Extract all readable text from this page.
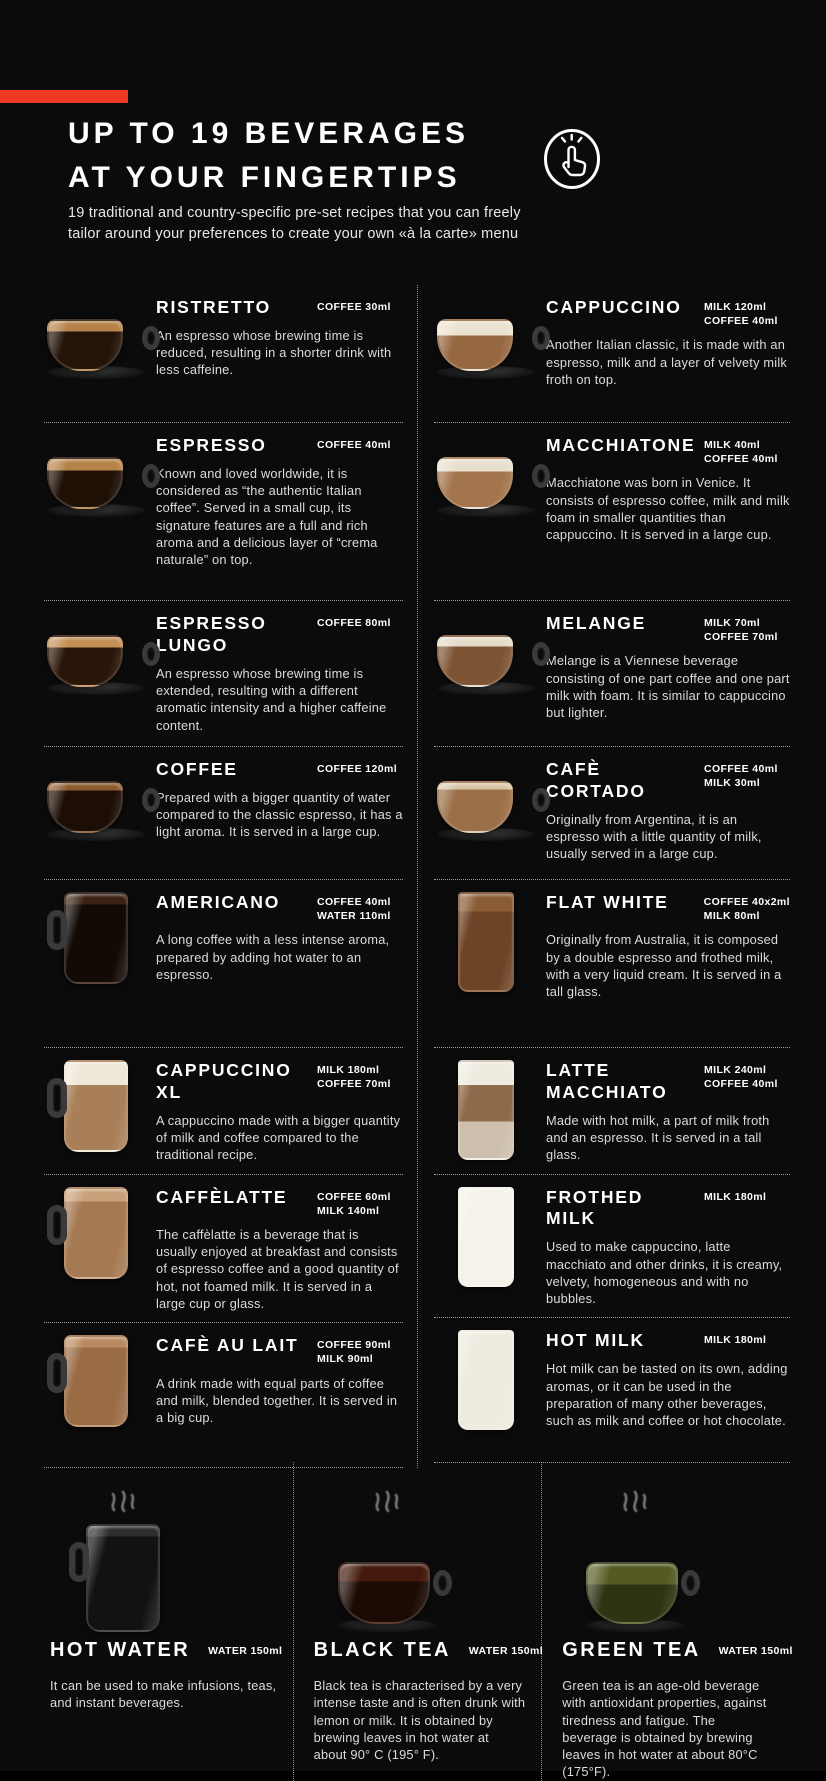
UP TO 19 BEVERAGES
AT YOUR FINGERTIPS

19 traditional and country-specific pre-set recipes that you can freely tailor around your preferences to create your own «à la carte» menu

RISTRETTO	COFFEE 30ml
An espresso whose brewing time is reduced, resulting in a shorter drink with less caffeine.
ESPRESSO	COFFEE 40ml
Known and loved worldwide, it is considered as “the authentic Italian coffee”. Served in a small cup, its signature features are a full and rich aroma and a delicious layer of “crema naturale” on top.
ESPRESSO LUNGO
COFFEE 80ml
An espresso whose brewing time is extended, resulting with a different aromatic intensity and a higher caffeine content.
COFFEE	COFFEE 120ml
Prepared with a bigger quantity of water compared to the classic espresso, it has a light aroma. It is served in a large cup.
AMERICANO	COFFEE 40ml
WATER 110ml
A long coffee with a less intense aroma, prepared by adding hot water to an espresso.
CAPPUCCINO XL
MILK 180ml
COFFEE 70ml
A cappuccino made with a bigger quantity of milk and coffee compared to the traditional recipe.
CAFFÈLATTE	COFFEE 60ml
MILK 140ml
The caffèlatte is a beverage that is usually enjoyed at breakfast and consists of espresso coffee and a good quantity of hot, not foamed milk. It is served in a large cup or glass.
CAFÈ AU LAIT	COFFEE 90ml
MILK 90ml
A drink made with equal parts of coffee and milk, blended together. It is served in a big cup.
CAPPUCCINO	MILK 120ml
COFFEE 40ml
Another Italian classic, it is made with an espresso, milk and a layer of velvety milk froth on top.
MACCHIATONE MILK 40ml
COFFEE 40ml
Macchiatone was born in Venice. It consists of espresso coffee, milk and milk foam in smaller quantities than cappuccino. It is served in a large cup.
MELANGE	MILK 70ml
COFFEE 70ml
Melange is a Viennese beverage consisting of one part coffee and one part milk with foam. It is similar to cappuccino but lighter.
CAFÈ CORTADO
COFFEE 40ml
MILK 30ml
Originally from Argentina, it is an espresso with a little quantity of milk, usually served in a large cup.
FLAT WHITE	COFFEE 40x2ml
MILK 80ml
Originally from Australia, it is composed by a double espresso and frothed milk, with a very liquid cream. It is served in a tall glass.
LATTE MACCHIATO
MILK 240ml
COFFEE 40ml
Made with hot milk, a part of milk froth and an espresso. It is served in a tall glass.
FROTHED MILK
MILK 180ml
Used to make cappuccino, latte macchiato and other drinks, it is creamy, velvety, homogeneous and with no bubbles.
HOT MILK	MILK 180ml
Hot milk can be tasted on its own, adding aromas, or it can be used in the preparation of many other beverages, such as milk and coffee or hot chocolate.
HOT WATER WATER 150ml
It can be used to make infusions, teas, and instant beverages.
BLACK TEA WATER 150ml
Black tea is characterised by a very intense taste and is often drunk with lemon or milk. It is obtained by brewing leaves in hot water at about 90° C (195° F).
GREEN TEA WATER 150ml
Green tea is an age-old beverage with antioxidant properties, against tiredness and fatigue. The beverage is obtained by brewing leaves in hot water at about 80°C (175°F).
